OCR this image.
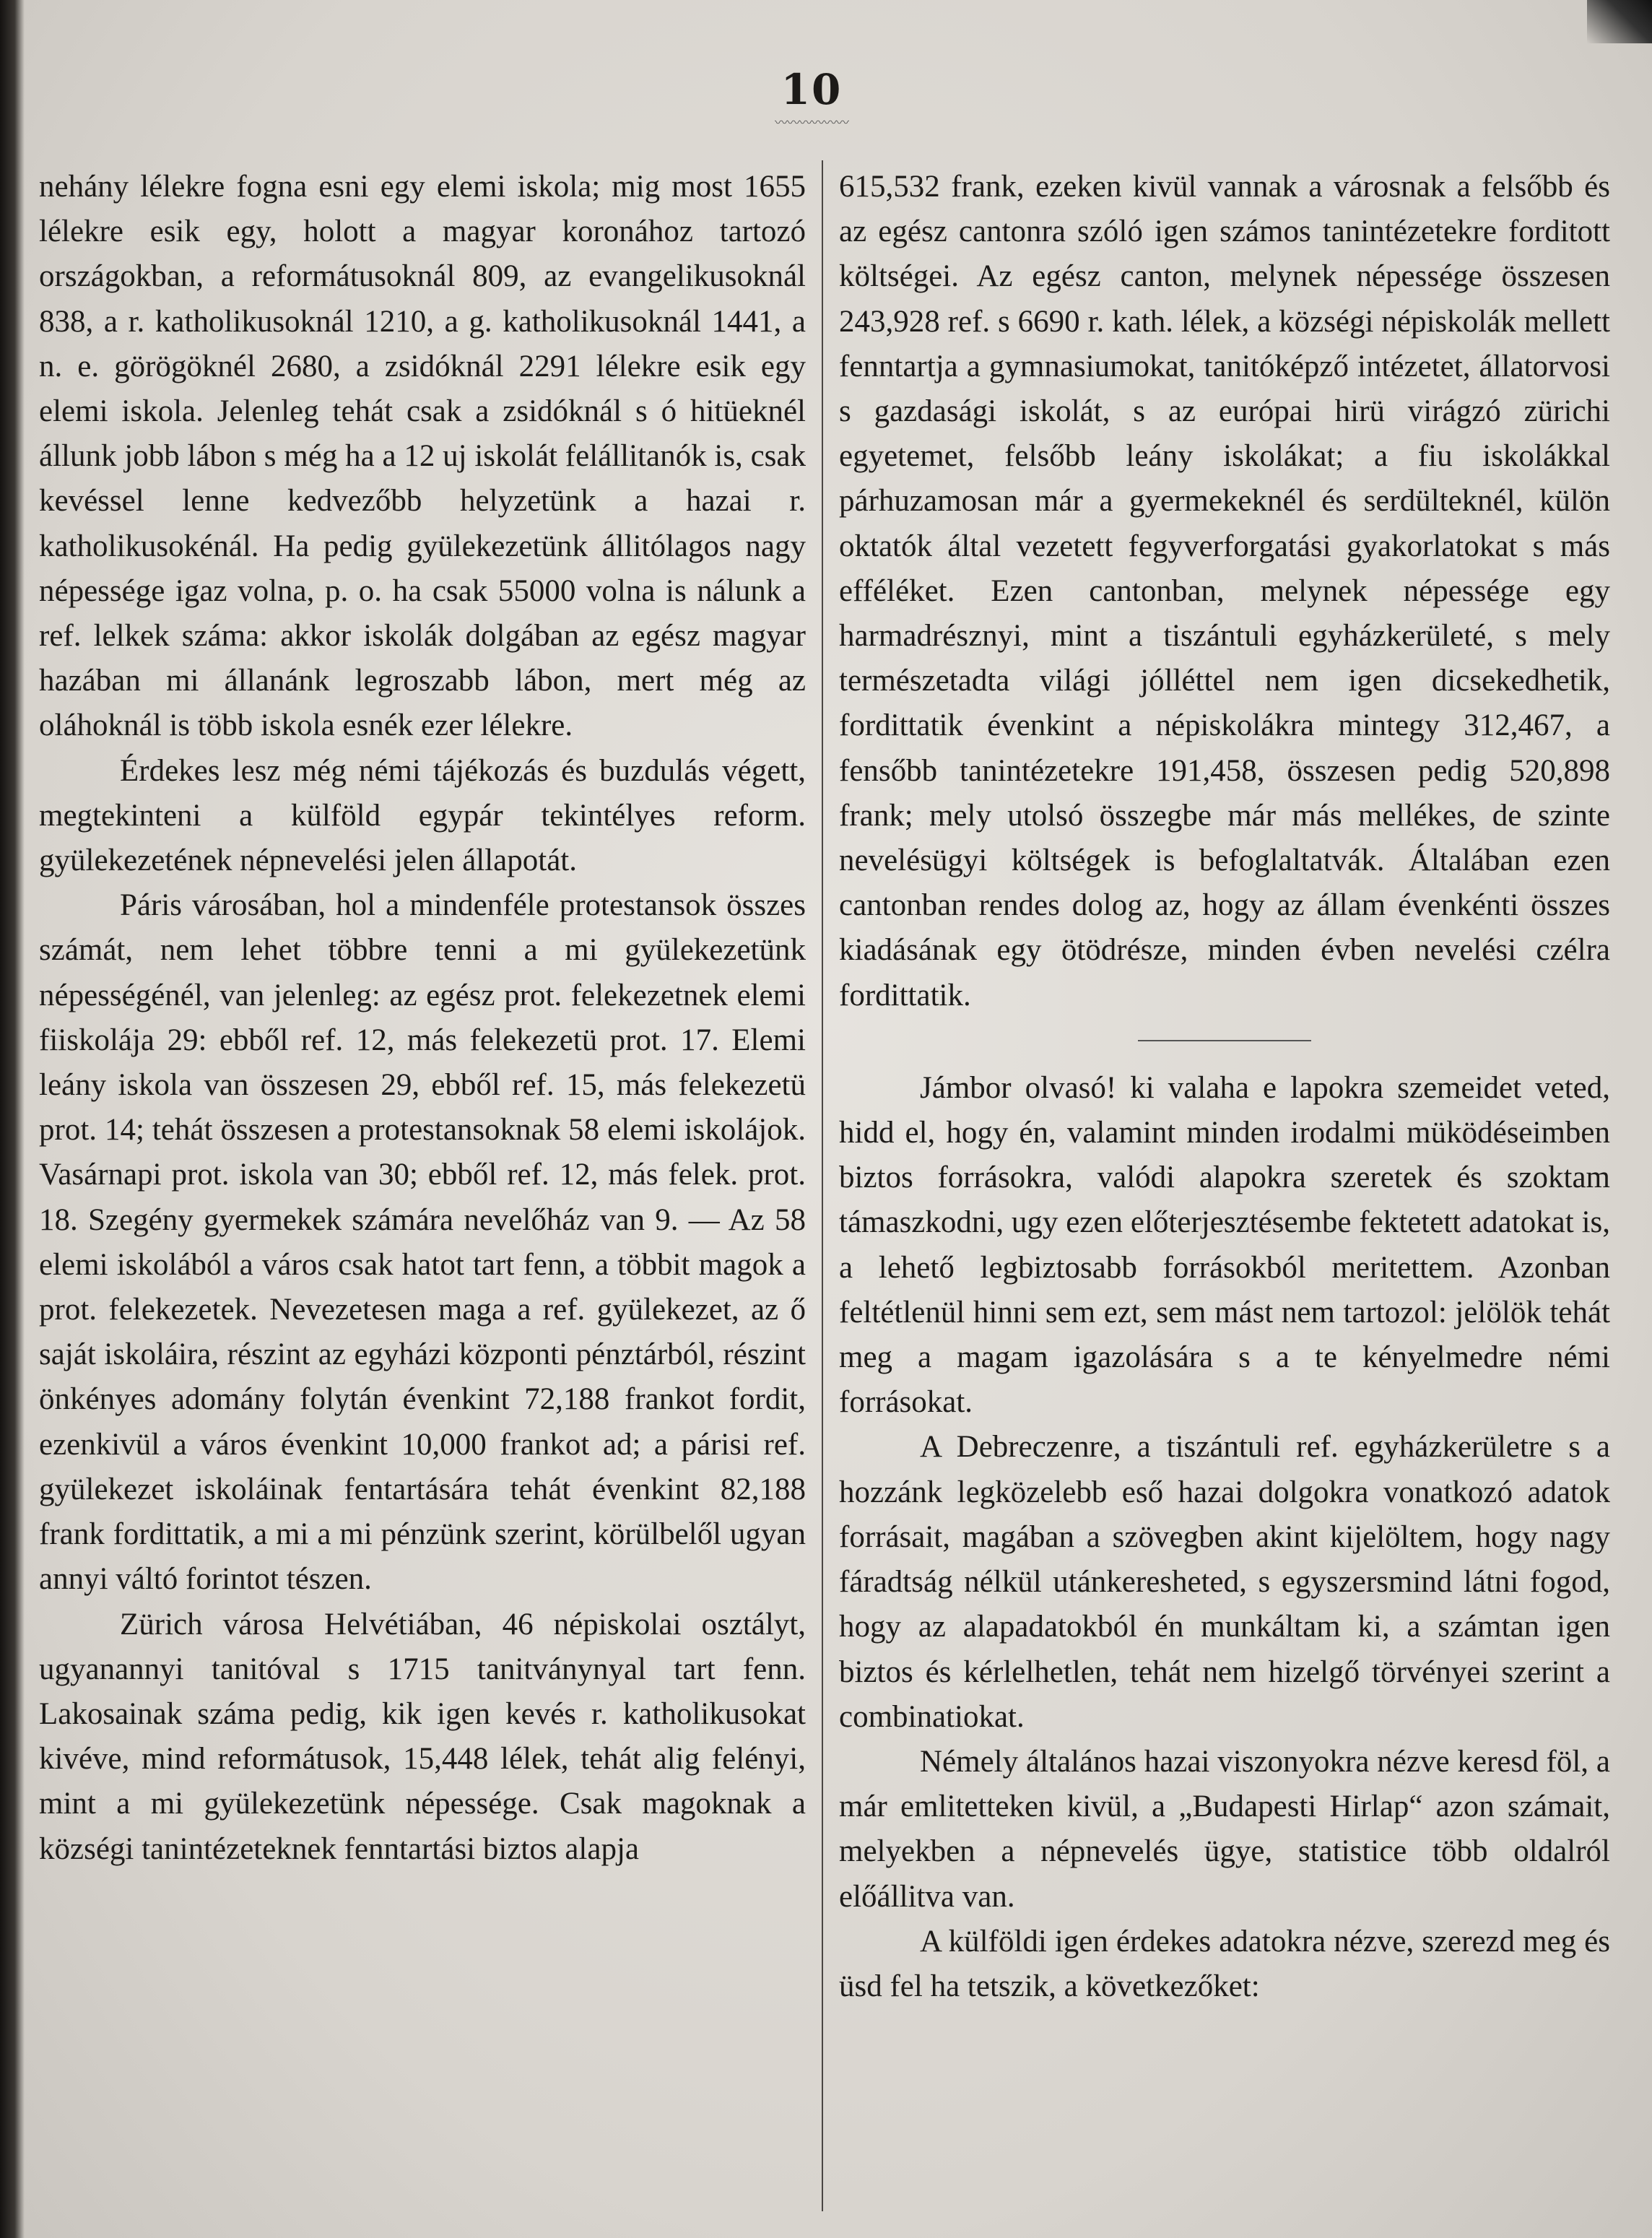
10
〰〰〰〰〰〰

nehány lélekre fogna esni egy elemi iskola; mig most 1655 lélekre esik egy, holott a magyar koronához tartozó országokban, a reformátusoknál 809, az evangelikusoknál 838, a r. katholikusoknál 1210, a g. katholikusoknál 1441, a n. e. görögöknél 2680, a zsidóknál 2291 lélekre esik egy elemi iskola. Jelenleg tehát csak a zsidóknál s ó hitüeknél állunk jobb lábon s még ha a 12 uj iskolát felállitanók is, csak kevéssel lenne kedvezőbb helyzetünk a hazai r. katholikusokénál. Ha pedig gyülekezetünk állitólagos nagy népessége igaz volna, p. o. ha csak 55000 volna is nálunk a ref. lelkek száma: akkor iskolák dolgában az egész magyar hazában mi állanánk legroszabb lábon, mert még az oláhoknál is több iskola esnék ezer lélekre.

Érdekes lesz még némi tájékozás és buzdulás végett, megtekinteni a külföld egypár tekintélyes reform. gyülekezetének népnevelési jelen állapotát.

Páris városában, hol a mindenféle protestansok összes számát, nem lehet többre tenni a mi gyülekezetünk népességénél, van jelenleg: az egész prot. felekezetnek elemi fiiskolája 29: ebből ref. 12, más felekezetü prot. 17. Elemi leány iskola van összesen 29, ebből ref. 15, más felekezetü prot. 14; tehát összesen a protestansoknak 58 elemi iskolájok. Vasárnapi prot. iskola van 30; ebből ref. 12, más felek. prot. 18. Szegény gyermekek számára nevelőház van 9. — Az 58 elemi iskolából a város csak hatot tart fenn, a többit magok a prot. felekezetek. Nevezetesen maga a ref. gyülekezet, az ő saját iskoláira, részint az egyházi központi pénztárból, részint önkényes adomány folytán évenkint 72,188 frankot fordit, ezenkivül a város évenkint 10,000 frankot ad; a párisi ref. gyülekezet iskoláinak fentartására tehát évenkint 82,188 frank fordittatik, a mi a mi pénzünk szerint, körülbelől ugyan annyi váltó forintot tészen.

Zürich városa Helvétiában, 46 népiskolai osztályt, ugyanannyi tanitóval s 1715 tanitványnyal tart fenn. Lakosainak száma pedig, kik igen kevés r. katholikusokat kivéve, mind reformátusok, 15,448 lélek, tehát alig felényi, mint a mi gyülekezetünk népessége. Csak magoknak a községi tanintézeteknek fenntartási biztos alapja

615,532 frank, ezeken kivül vannak a városnak a felsőbb és az egész cantonra szóló igen számos tanintézetekre forditott költségei. Az egész canton, melynek népessége összesen 243,928 ref. s 6690 r. kath. lélek, a községi népiskolák mellett fenntartja a gymnasiumokat, tanitóképző intézetet, állatorvosi s gazdasági iskolát, s az európai hirü virágzó zürichi egyetemet, felsőbb leány iskolákat; a fiu iskolákkal párhuzamosan már a gyermekeknél és serdülteknél, külön oktatók által vezetett fegyverforgatási gyakorlatokat s más efféléket. Ezen cantonban, melynek népessége egy harmadrésznyi, mint a tiszántuli egyházkerületé, s mely természetadta világi jólléttel nem igen dicsekedhetik, fordittatik évenkint a népiskolákra mintegy 312,467, a fensőbb tanintézetekre 191,458, összesen pedig 520,898 frank; mely utolsó összegbe már más mellékes, de szinte nevelésügyi költségek is befoglaltatvák. Általában ezen cantonban rendes dolog az, hogy az állam évenkénti összes kiadásának egy ötödrésze, minden évben nevelési czélra fordittatik.

Jámbor olvasó! ki valaha e lapokra szemeidet veted, hidd el, hogy én, valamint minden irodalmi müködéseimben biztos forrásokra, valódi alapokra szeretek és szoktam támaszkodni, ugy ezen előterjesztésembe fektetett adatokat is, a lehető legbiztosabb forrásokból meritettem. Azonban feltétlenül hinni sem ezt, sem mást nem tartozol: jelölök tehát meg a magam igazolására s a te kényelmedre némi forrásokat.

A Debreczenre, a tiszántuli ref. egyházkerületre s a hozzánk legközelebb eső hazai dolgokra vonatkozó adatok forrásait, magában a szövegben akint kijelöltem, hogy nagy fáradtság nélkül utánkeresheted, s egyszersmind látni fogod, hogy az alapadatokból én munkáltam ki, a számtan igen biztos és kérlelhetlen, tehát nem hizelgő törvényei szerint a combinatiokat.

Némely általános hazai viszonyokra nézve keresd föl, a már emlitetteken kivül, a „Budapesti Hirlap“ azon számait, melyekben a népnevelés ügye, statistice több oldalról előállitva van.

A külföldi igen érdekes adatokra nézve, szerezd meg és üsd fel ha tetszik, a következőket:
